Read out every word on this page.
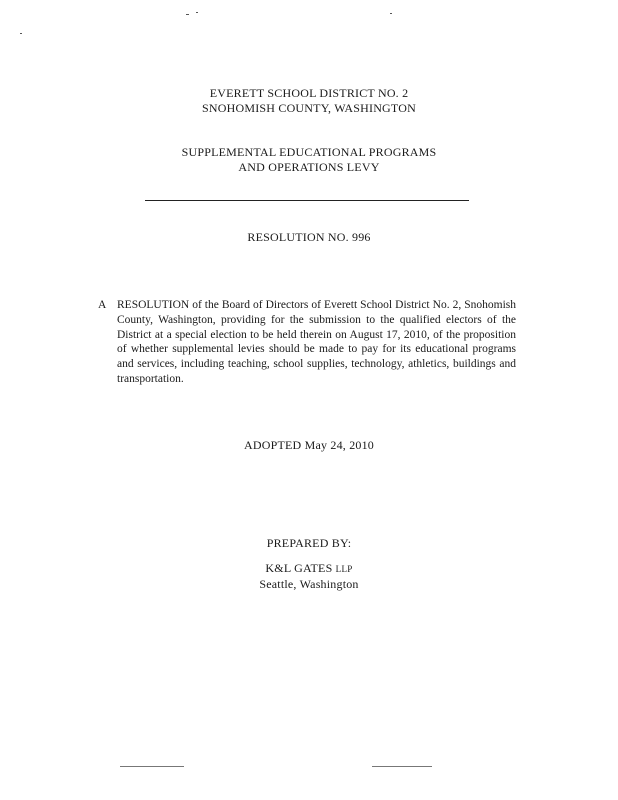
EVERETT SCHOOL DISTRICT NO. 2
SNOHOMISH COUNTY, WASHINGTON
SUPPLEMENTAL EDUCATIONAL PROGRAMS
AND OPERATIONS LEVY
RESOLUTION NO. 996
A RESOLUTION of the Board of Directors of Everett School District No. 2, Snohomish County, Washington, providing for the submission to the qualified electors of the District at a special election to be held therein on August 17, 2010, of the proposition of whether supplemental levies should be made to pay for its educational programs and services, including teaching, school supplies, technology, athletics, buildings and transportation.
ADOPTED May 24, 2010
PREPARED BY:
K&L GATES LLP
Seattle, Washington
